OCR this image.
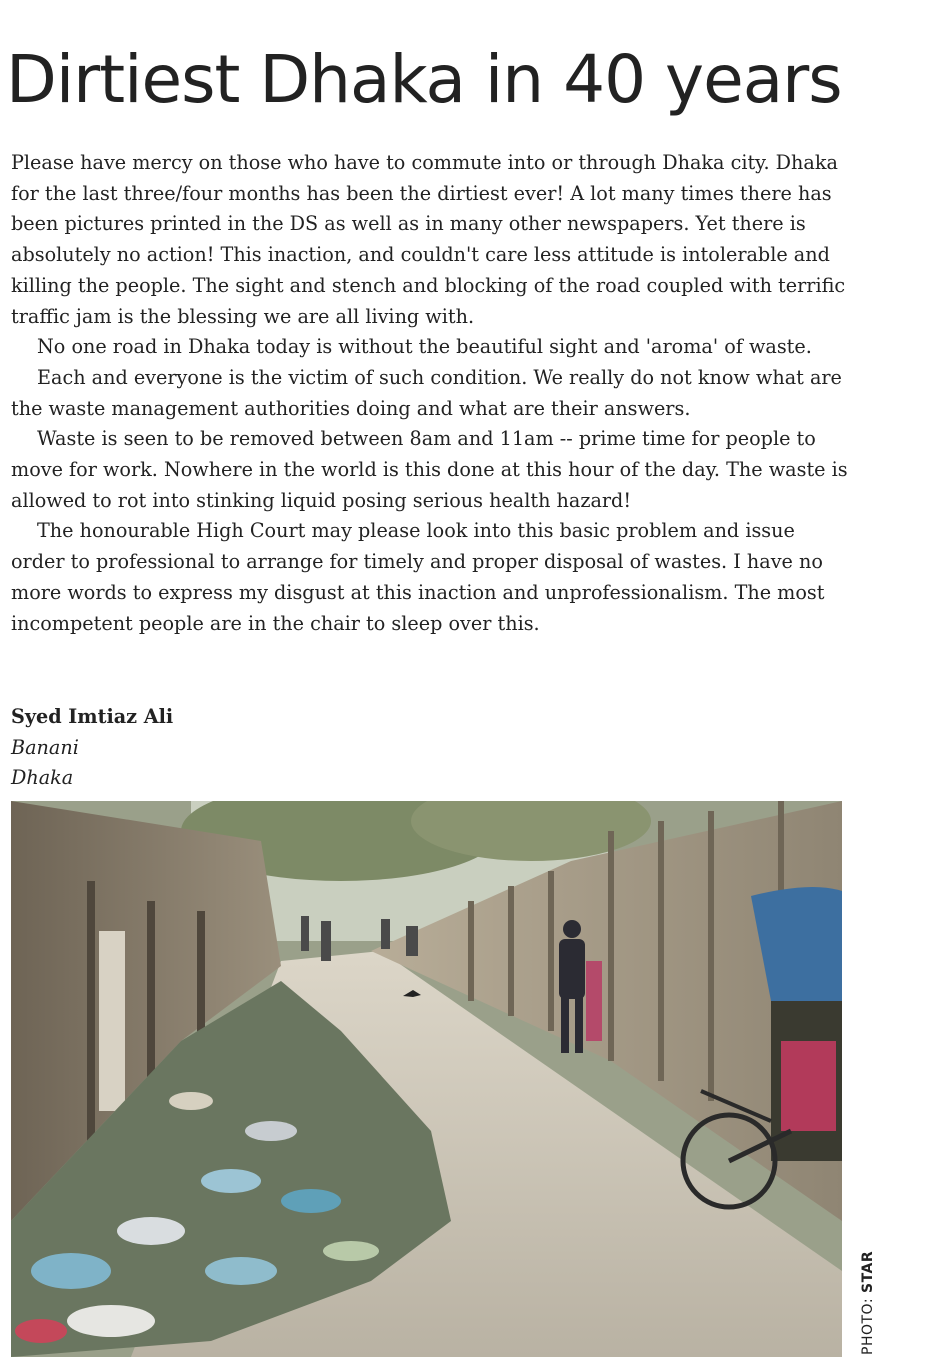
Dirtiest Dhaka in 40 years

Please have mercy on those who have to commute into or through Dhaka city. Dhaka for the last three/four months has been the dirtiest ever! A lot many times there has been pictures printed in the DS as well as in many other newspapers. Yet there is absolutely no action! This inaction, and couldn't care less attitude is intolerable and killing the people. The sight and stench and blocking of the road coupled with terrific traffic jam is the blessing we are all living with.

No one road in Dhaka today is without the beautiful sight and 'aroma' of waste.

Each and everyone is the victim of such condition. We really do not know what are the waste management authorities doing and what are their answers.

Waste is seen to be removed between 8am and 11am -- prime time for people to move for work. Nowhere in the world is this done at this hour of the day. The waste is allowed to rot into stinking liquid posing serious health hazard!

The honourable High Court may please look into this basic problem and issue order to professional to arrange for timely and proper disposal of wastes. I have no more words to express my disgust at this inaction and unprofessionalism. The most incompetent people are in the chair to sleep over this.

Syed Imtiaz Ali
Banani
Dhaka
PHOTO: STAR
